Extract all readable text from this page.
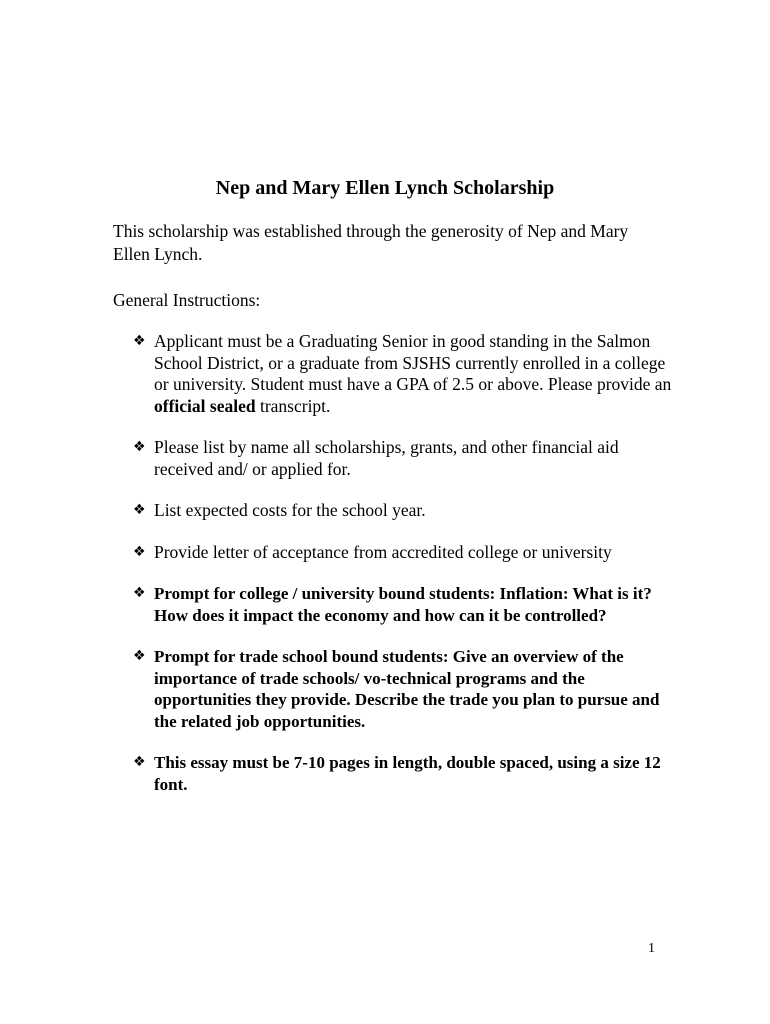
Nep and Mary Ellen Lynch Scholarship

This scholarship was established through the generosity of Nep and Mary Ellen Lynch.

General Instructions:

❖ Applicant must be a Graduating Senior in good standing in the Salmon School District, or a graduate from SJSHS currently enrolled in a college or university. Student must have a GPA of 2.5 or above. Please provide an official sealed transcript.
❖ Please list by name all scholarships, grants, and other financial aid received and/ or applied for.
❖ List expected costs for the school year.
❖ Provide letter of acceptance from accredited college or university
❖ Prompt for college / university bound students: Inflation: What is it? How does it impact the economy and how can it be controlled?
❖ Prompt for trade school bound students: Give an overview of the importance of trade schools/ vo-technical programs and the opportunities they provide. Describe the trade you plan to pursue and the related job opportunities.
❖ This essay must be 7-10 pages in length, double spaced, using a size 12 font.

1
